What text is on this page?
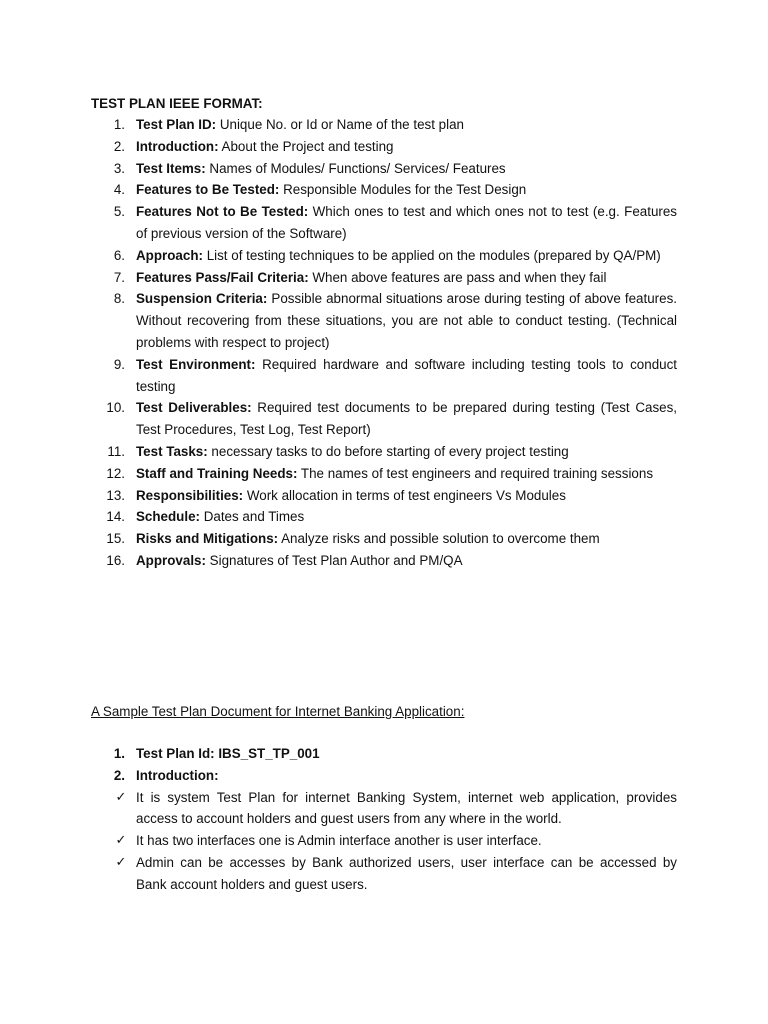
TEST PLAN IEEE FORMAT:
1. Test Plan ID: Unique No. or Id or Name of the test plan
2. Introduction: About the Project and testing
3. Test Items: Names of Modules/ Functions/ Services/ Features
4. Features to Be Tested: Responsible Modules for the Test Design
5. Features Not to Be Tested: Which ones to test and which ones not to test (e.g. Features of previous version of the Software)
6. Approach: List of testing techniques to be applied on the modules (prepared by QA/PM)
7. Features Pass/Fail Criteria: When above features are pass and when they fail
8. Suspension Criteria: Possible abnormal situations arose during testing of above features. Without recovering from these situations, you are not able to conduct testing. (Technical problems with respect to project)
9. Test Environment: Required hardware and software including testing tools to conduct testing
10. Test Deliverables: Required test documents to be prepared during testing (Test Cases, Test Procedures, Test Log, Test Report)
11. Test Tasks: necessary tasks to do before starting of every project testing
12. Staff and Training Needs: The names of test engineers and required training sessions
13. Responsibilities: Work allocation in terms of test engineers Vs Modules
14. Schedule: Dates and Times
15. Risks and Mitigations: Analyze risks and possible solution to overcome them
16. Approvals: Signatures of Test Plan Author and PM/QA
A Sample Test Plan Document for Internet Banking Application:
1. Test Plan Id: IBS_ST_TP_001
2. Introduction:
✓ It is system Test Plan for internet Banking System, internet web application, provides access to account holders and guest users from any where in the world.
✓ It has two interfaces one is Admin interface another is user interface.
✓ Admin can be accesses by Bank authorized users, user interface can be accessed by Bank account holders and guest users.
